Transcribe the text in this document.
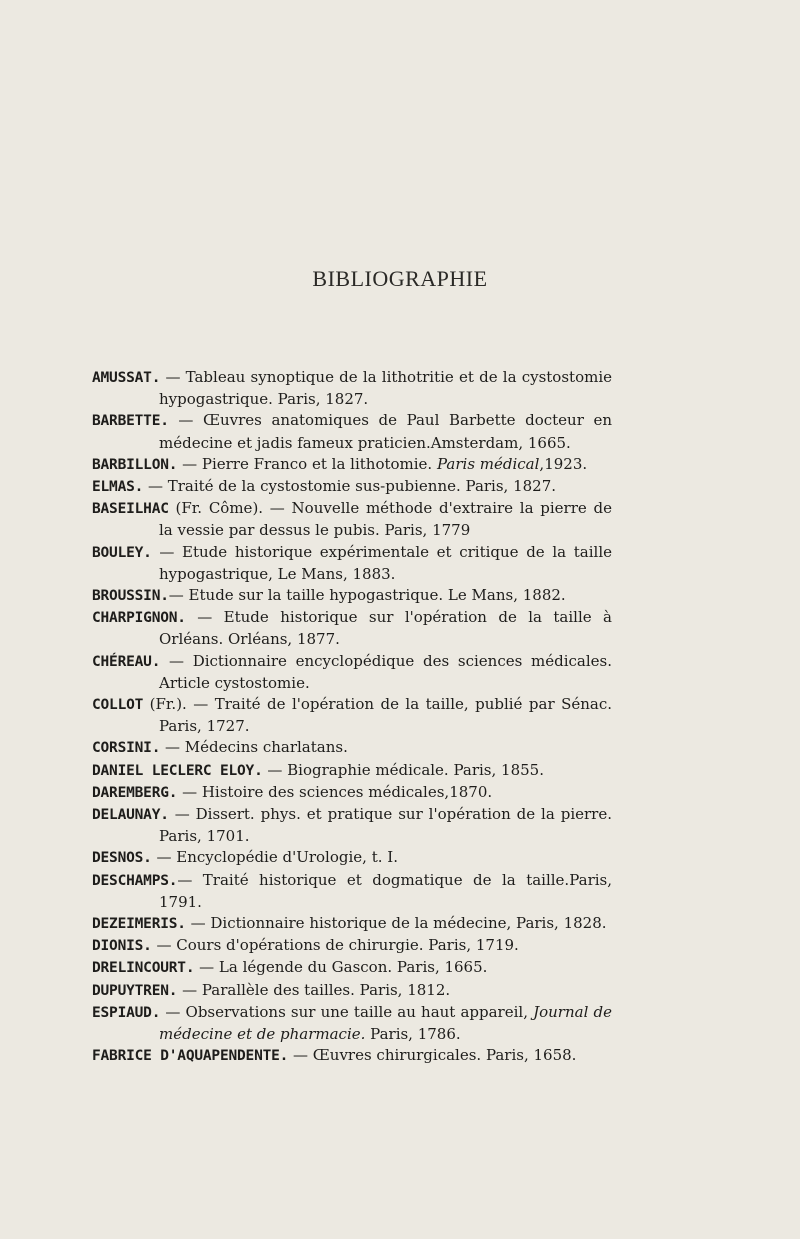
BIBLIOGRAPHIE

AMUSSAT. — Tableau synoptique de la lithotritie et de la cystostomie hypogastrique. Paris, 1827.

BARBETTE. — Œuvres anatomiques de Paul Barbette docteur en médecine et jadis fameux praticien.Amsterdam, 1665.

BARBILLON. — Pierre Franco et la lithotomie. Paris médical,1923.

ELMAS. — Traité de la cystostomie sus-pubienne. Paris, 1827.

BASEILHAC (Fr. Côme). — Nouvelle méthode d'extraire la pierre de la vessie par dessus le pubis. Paris, 1779

BOULEY. — Etude historique expérimentale et critique de la taille hypogastrique, Le Mans, 1883.

BROUSSIN.— Etude sur la taille hypogastrique. Le Mans, 1882.

CHARPIGNON. — Etude historique sur l'opération de la taille à Orléans. Orléans, 1877.

CHÉREAU. — Dictionnaire encyclopédique des sciences médicales. Article cystostomie.

COLLOT (Fr.). — Traité de l'opération de la taille, publié par Sénac. Paris, 1727.

CORSINI. — Médecins charlatans.

DANIEL LECLERC ELOY. — Biographie médicale. Paris, 1855.

DAREMBERG. — Histoire des sciences médicales,1870.

DELAUNAY. — Dissert. phys. et pratique sur l'opération de la pierre. Paris, 1701.

DESNOS. — Encyclopédie d'Urologie, t. I.

DESCHAMPS.— Traité historique et dogmatique de la taille.Paris, 1791.

DEZEIMERIS. — Dictionnaire historique de la médecine, Paris, 1828.

DIONIS. — Cours d'opérations de chirurgie. Paris, 1719.

DRELINCOURT. — La légende du Gascon. Paris, 1665.

DUPUYTREN. — Parallèle des tailles. Paris, 1812.

ESPIAUD. — Observations sur une taille au haut appareil, Journal de médecine et de pharmacie. Paris, 1786.

FABRICE D'AQUAPENDENTE. — Œuvres chirurgicales. Paris, 1658.
